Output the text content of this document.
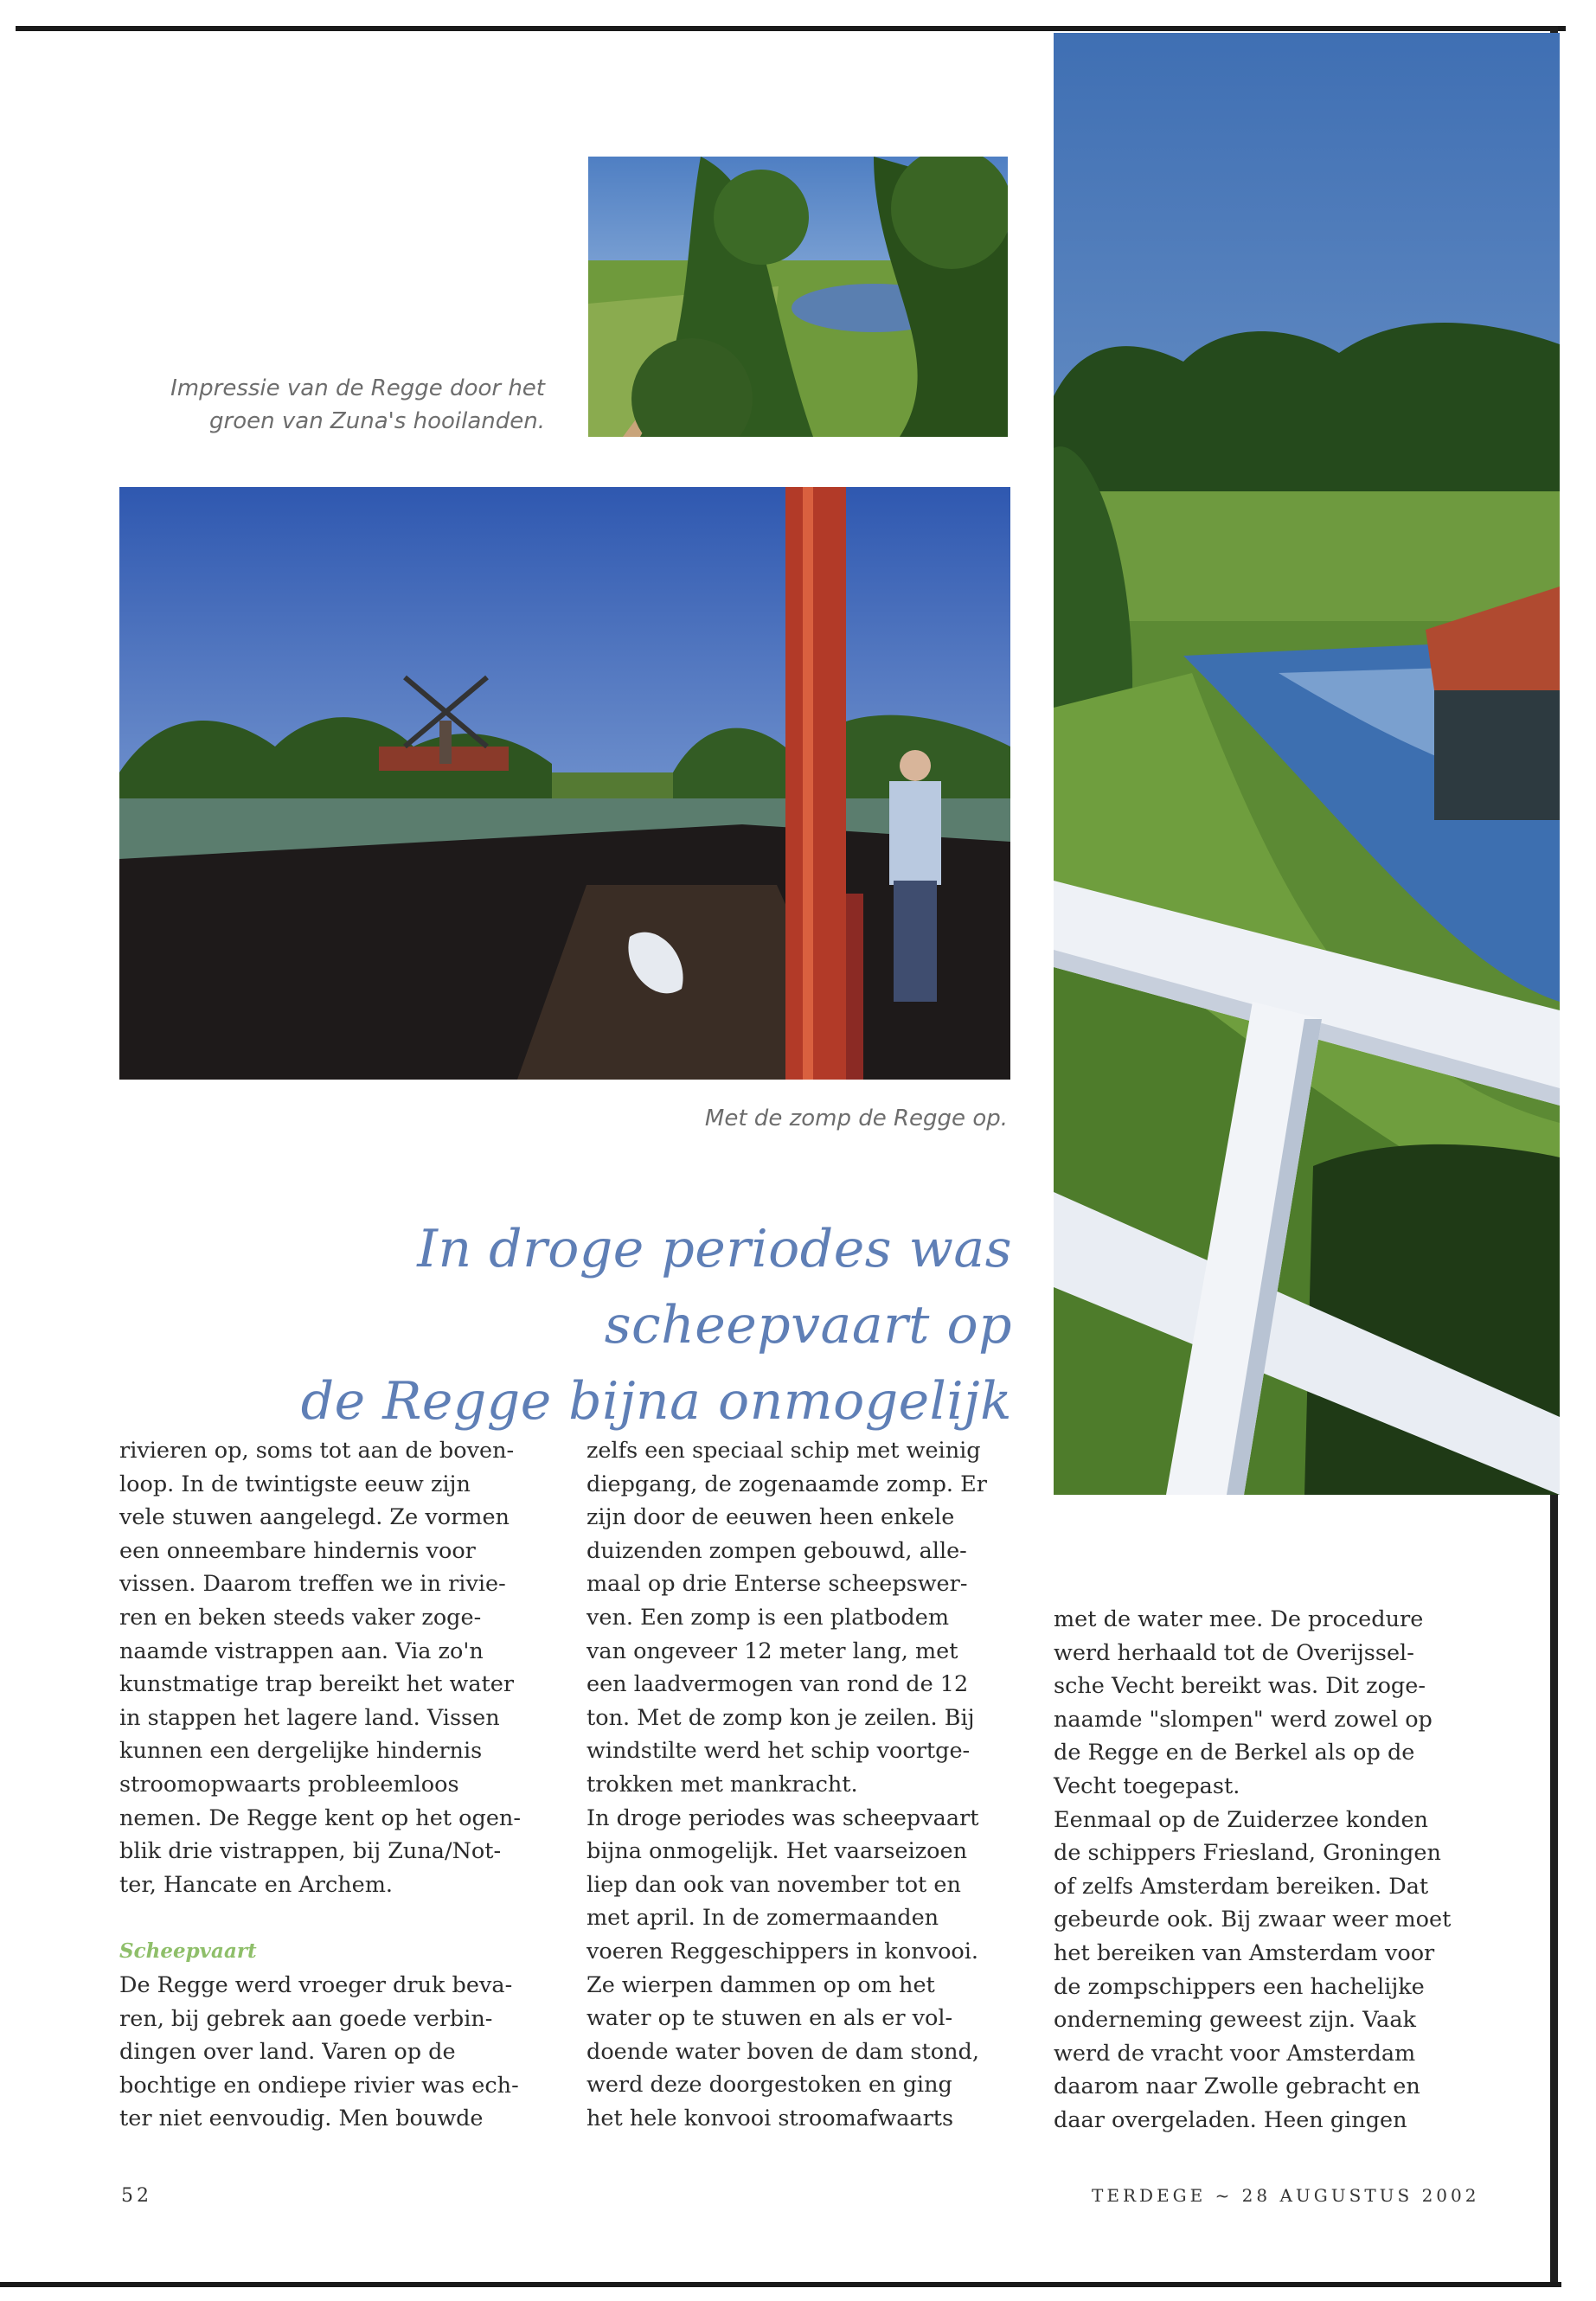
Impressie van de Regge door het
groen van Zuna's hooilanden.
Met de zomp de Regge op.
In droge periodes was scheepvaart op
de Regge bijna onmogelijk
rivieren op, soms tot aan de boven-
loop. In de twintigste eeuw zijn
vele stuwen aangelegd. Ze vormen
een onneembare hindernis voor
vissen. Daarom treffen we in rivie-
ren en beken steeds vaker zoge-
naamde vistrappen aan. Via zo'n
kunstmatige trap bereikt het water
in stappen het lagere land. Vissen
kunnen een dergelijke hindernis
stroomopwaarts probleemloos
nemen. De Regge kent op het ogen-
blik drie vistrappen, bij Zuna/Not-
ter, Hancate en Archem.
Scheepvaart
De Regge werd vroeger druk beva-
ren, bij gebrek aan goede verbin-
dingen over land. Varen op de
bochtige en ondiepe rivier was ech-
ter niet eenvoudig. Men bouwde
zelfs een speciaal schip met weinig
diepgang, de zogenaamde zomp. Er
zijn door de eeuwen heen enkele
duizenden zompen gebouwd, alle-
maal op drie Enterse scheepswer-
ven. Een zomp is een platbodem
van ongeveer 12 meter lang, met
een laadvermogen van rond de 12
ton. Met de zomp kon je zeilen. Bij
windstilte werd het schip voortge-
trokken met mankracht.
In droge periodes was scheepvaart
bijna onmogelijk. Het vaarseizoen
liep dan ook van november tot en
met april. In de zomermaanden
voeren Reggeschippers in konvooi.
Ze wierpen dammen op om het
water op te stuwen en als er vol-
doende water boven de dam stond,
werd deze doorgestoken en ging
het hele konvooi stroomafwaarts
met de water mee. De procedure
werd herhaald tot de Overijssel-
sche Vecht bereikt was. Dit zoge-
naamde "slompen" werd zowel op
de Regge en de Berkel als op de
Vecht toegepast.
Eenmaal op de Zuiderzee konden
de schippers Friesland, Groningen
of zelfs Amsterdam bereiken. Dat
gebeurde ook. Bij zwaar weer moet
het bereiken van Amsterdam voor
de zompschippers een hachelijke
onderneming geweest zijn. Vaak
werd de vracht voor Amsterdam
daarom naar Zwolle gebracht en
daar overgeladen. Heen gingen
52	TERDEGE ~ 28 AUGUSTUS 2002
